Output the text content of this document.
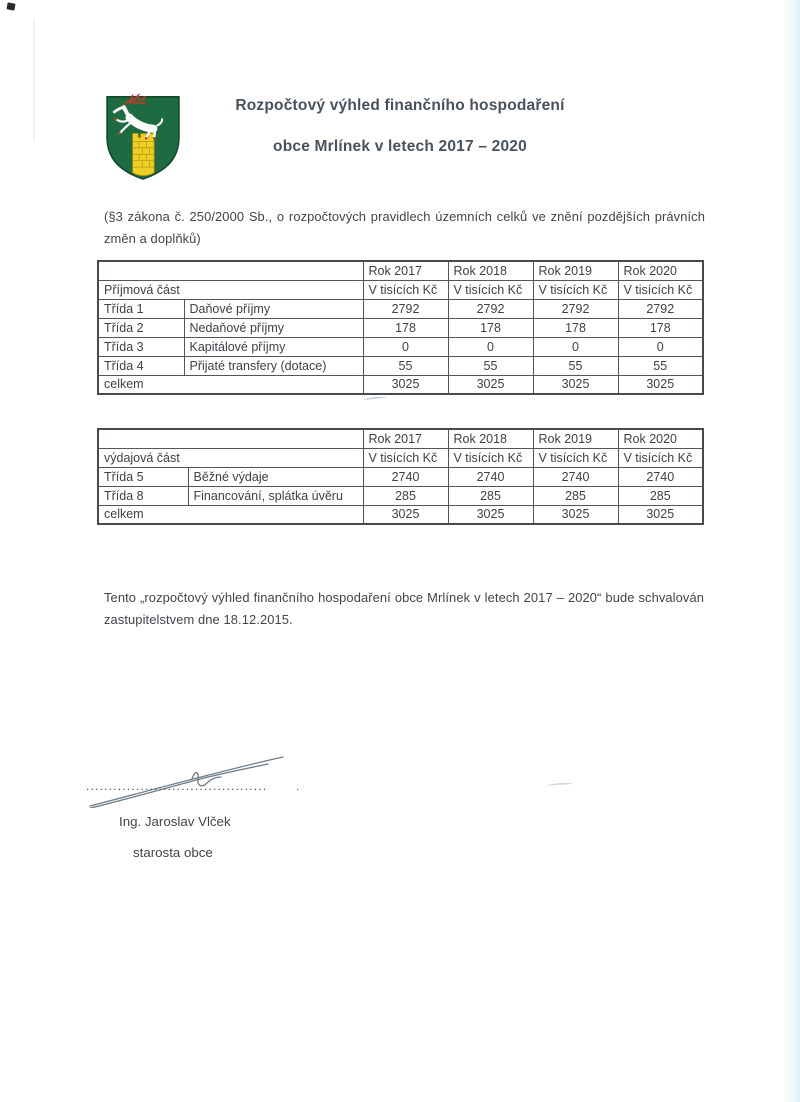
Rozpočtový výhled finančního hospodaření
obce Mrlínek v letech 2017 – 2020

(§3 zákona č. 250/2000 Sb., o rozpočtových pravidlech územních celků ve znění pozdějších právních změn a doplňků)

		Rok 2017	Rok 2018	Rok 2019	Rok 2020
Příjmová část		V tisících Kč	V tisících Kč	V tisících Kč	V tisících Kč
Třída 1	Daňové příjmy	2792	2792	2792	2792
Třída 2	Nedaňové příjmy	178	178	178	178
Třída 3	Kapitálové příjmy	0	0	0	0
Třída 4	Přijaté transfery (dotace)	55	55	55	55
celkem		3025	3025	3025	3025
		Rok 2017	Rok 2018	Rok 2019	Rok 2020
výdajová část		V tisících Kč	V tisících Kč	V tisících Kč	V tisících Kč
Třída 5	Běžné výdaje	2740	2740	2740	2740
Třída 8	Financování, splátka úvěru	285	285	285	285
celkem		3025	3025	3025	3025

Tento „rozpočtový výhled finančního hospodaření obce Mrlínek v letech 2017 – 2020“ bude schvalován zastupitelstvem dne 18.12.2015.

........................................ .
Ing. Jaroslav Vlček
starosta obce
